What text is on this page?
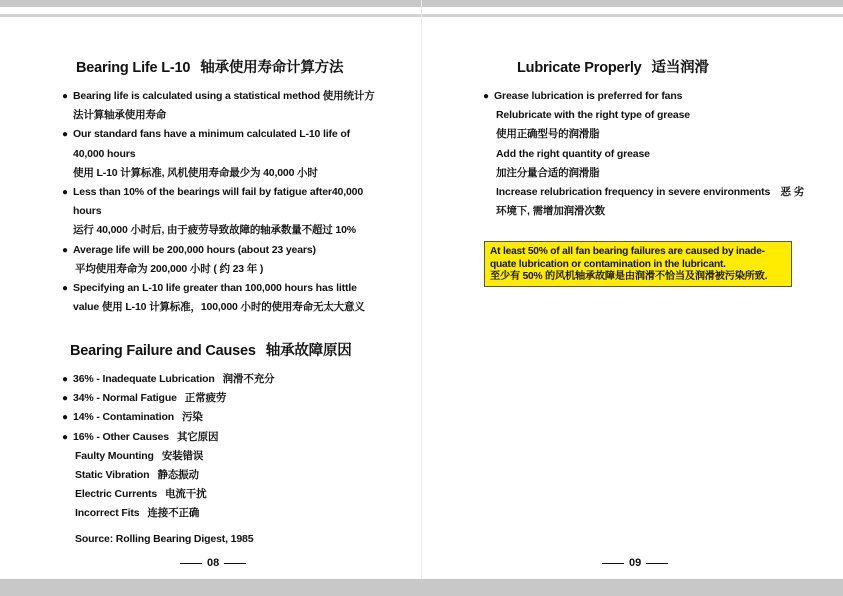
Bearing Life L-10 轴承使用寿命计算方法
● Bearing life is calculated using a statistical method 使用统计方
法计算轴承使用寿命
● Our standard fans have a minimum calculated L-10 life of
40,000 hours
使用 L-10 计算标准, 风机使用寿命最少为 40,000 小时
● Less than 10% of the bearings will fail by fatigue after40,000
hours
运行 40,000 小时后, 由于疲劳导致故障的轴承数量不超过 10%
● Average life will be 200,000 hours (about 23 years)
平均使用寿命为 200,000 小时 ( 约 23 年 )
● Specifying an L-10 life greater than 100,000 hours has little
value 使用 L-10 计算标准，100,000 小时的使用寿命无太大意义
Bearing Failure and Causes 轴承故障原因
● 36% - Inadequate Lubrication 润滑不充分
● 34% - Normal Fatigue 正常疲劳
● 14% - Contamination 污染
● 16% - Other Causes 其它原因
Faulty Mounting 安装错误
Static Vibration 静态振动
Electric Currents 电流干扰
Incorrect Fits 连接不正确
Source: Rolling Bearing Digest, 1985
08
Lubricate Properly 适当润滑
● Grease lubrication is preferred for fans
Relubricate with the right type of grease
使用正确型号的润滑脂
Add the right quantity of grease
加注分量合适的润滑脂
Increase relubrication frequency in severe environments　恶 劣
环境下, 需增加润滑次数
At least 50% of all fan bearing failures are caused by inade-
quate lubrication or contamination in the lubricant.
至少有 50% 的风机轴承故障是由润滑不恰当及润滑被污染所致.
09
